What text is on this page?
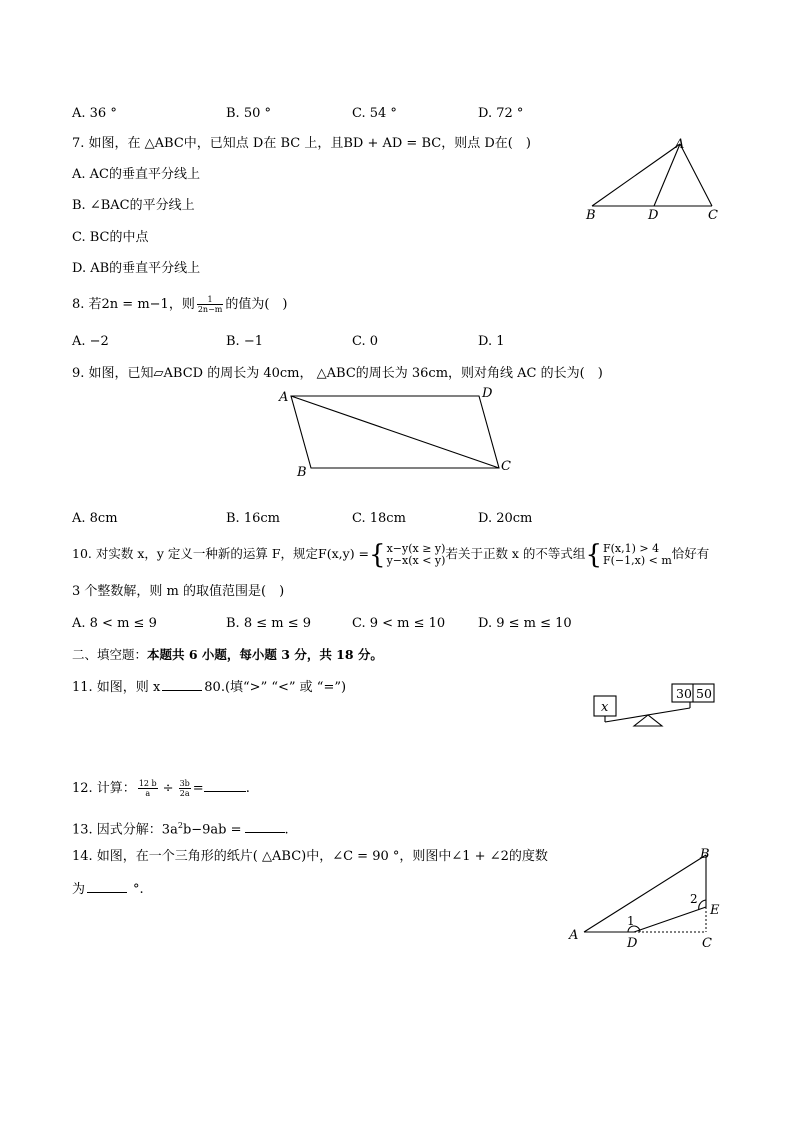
A. 36 °	B. 50 °	C. 54 °	D. 72 °
7. 如图，在 △ABC中，已知点 D在 BC 上，且BD + AD = BC，则点 D在(　)
A. AC的垂直平分线上
B. ∠BAC的平分线上
C. BC的中点
D. AB的垂直平分线上
A
B	D	C
8. 若2n = m−1，则 $\frac{1}{2n-m}$ 的值为(　)
A. −2	B. −1	C. 0	D. 1
9. 如图，已知▱ABCD 的周长为 40cm， △ABC的周长为 36cm，则对角线 AC 的长为(　)
A	D
B	C
A. 8cm	B. 16cm	C. 18cm	D. 20cm
10. 对实数 x，y 定义一种新的运算 F，规定F(x,y) ={ x−y(x ≥ y)
y−x(x < y) 若关于正数 x 的不等式组{ F(x,1) > 4
F(−1,x) < m 恰好有
3 个整数解，则 m 的取值范围是(　)
A. 8 < m ≤ 9	B. 8 ≤ m ≤ 9	C. 9 < m ≤ 10	D. 9 ≤ m ≤ 10
二、填空题：本题共 6 小题，每小题 3 分，共 18 分。
11. 如图，则 x	80.(填“>” “<” 或 “=”)
x
30 50
12. 计算： $\frac{12 b}{a} \div \frac{3b}{2a}$ =	.
13. 因式分解：$3a^2b-9ab$ =	.
14. 如图，在一个三角形的纸片( △ABC)中，∠C = 90 °，则图中∠1 + ∠2的度数
为	°.
B
2
E
1
A
D	C
